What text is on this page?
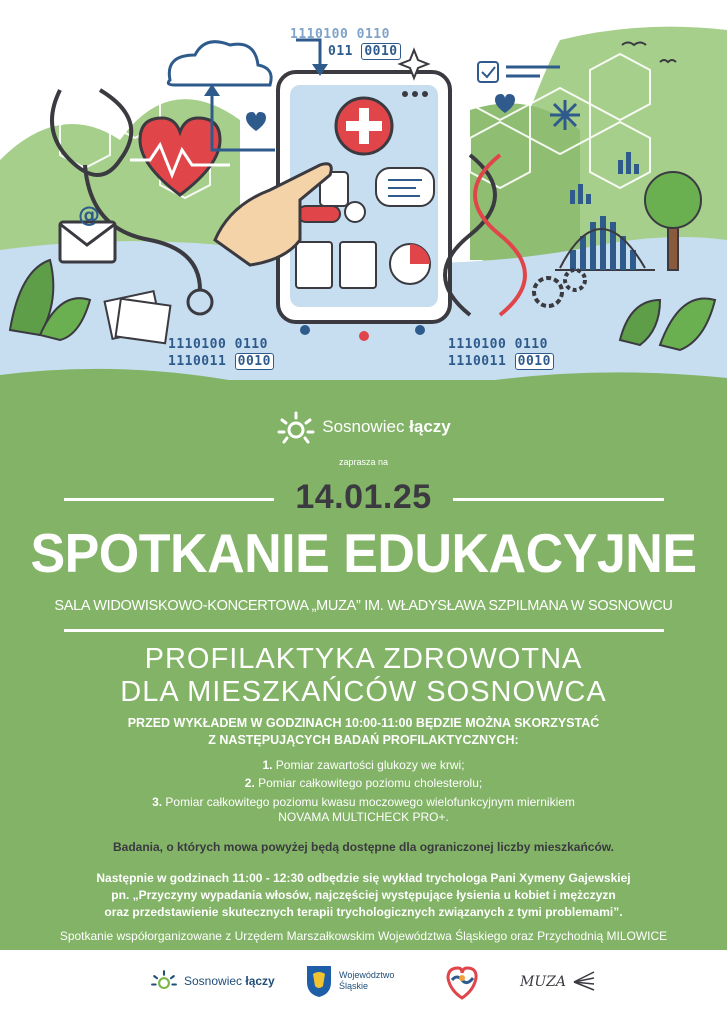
@
1110100 0110
011 0010
1110100 0110
1110011 0010
1110100 0110
1110011 0010
Sosnowiec łączy
zaprasza na
14.01.25
SPOTKANIE EDUKACYJNE
SALA WIDOWISKOWO-KONCERTOWA „MUZA” IM. WŁADYSŁAWA SZPILMANA W SOSNOWCU
PROFILAKTYKA ZDROWOTNA
DLA MIESZKAŃCÓW SOSNOWCA
PRZED WYKŁADEM W GODZINACH 10:00-11:00 BĘDZIE MOŻNA SKORZYSTAĆ
Z NASTĘPUJĄCYCH BADAŃ PROFILAKTYCZNYCH:
1. Pomiar zawartości glukozy we krwi;
2. Pomiar całkowitego poziomu cholesterolu;
3. Pomiar całkowitego poziomu kwasu moczowego wielofunkcyjnym miernikiem
NOVAMA MULTICHECK PRO+.
Badania, o których mowa powyżej będą dostępne dla ograniczonej liczby mieszkańców.
Następnie w godzinach 11:00 - 12:30 odbędzie się wykład trychologa Pani Xymeny Gajewskiej
pn. „Przyczyny wypadania włosów, najczęściej występujące łysienia u kobiet i mężczyzn
oraz przedstawienie skutecznych terapii trychologicznych związanych z tymi problemami”.
Spotkanie współorganizowane z Urzędem Marszałkowskim Województwa Śląskiego oraz Przychodnią MILOWICE
Sosnowiec łączy	Województwo
Śląskie	MUZA
